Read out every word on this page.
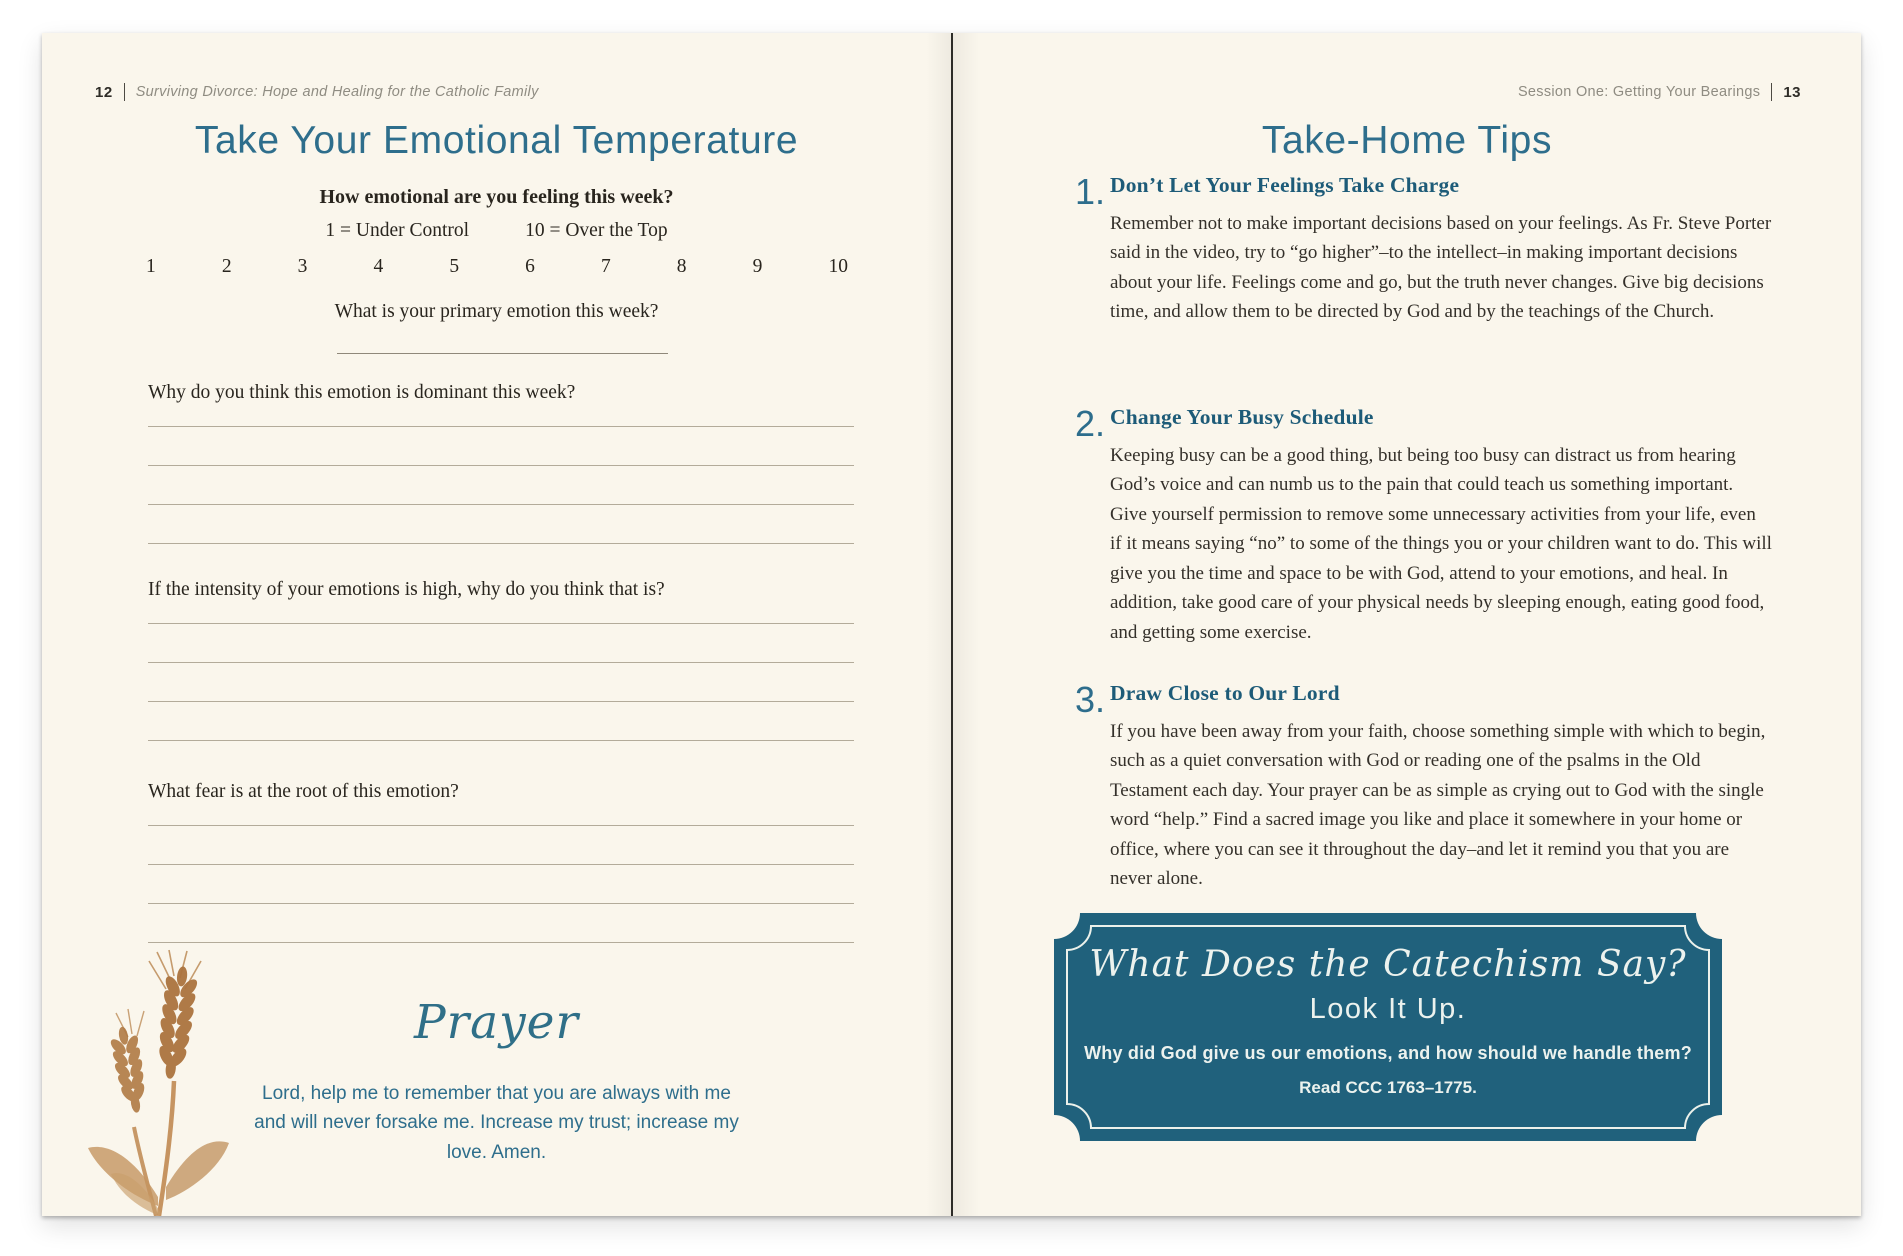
12 Surviving Divorce: Hope and Healing for the Catholic Family
Take Your Emotional Temperature
How emotional are you feeling this week?
1 = Under Control	10 = Over the Top
1	2	3	4	5	6	7	8	9	10
What is your primary emotion this week?
Why do you think this emotion is dominant this week?
If the intensity of your emotions is high, why do you think that is?
What fear is at the root of this emotion?
Prayer
Lord, help me to remember that you are always with me and will never forsake me. Increase my trust; increase my love. Amen.
Session One: Getting Your Bearings 13
Take-Home Tips
1. Don’t Let Your Feelings Take Charge
Remember not to make important decisions based on your feelings. As Fr. Steve Porter said in the video, try to “go higher”–to the intellect–in making important decisions about your life. Feelings come and go, but the truth never changes. Give big decisions time, and allow them to be directed by God and by the teachings of the Church.
2. Change Your Busy Schedule
Keeping busy can be a good thing, but being too busy can distract us from hearing God’s voice and can numb us to the pain that could teach us something important. Give yourself permission to remove some unnecessary activities from your life, even if it means saying “no” to some of the things you or your children want to do. This will give you the time and space to be with God, attend to your emotions, and heal. In addition, take good care of your physical needs by sleeping enough, eating good food, and getting some exercise.
3. Draw Close to Our Lord
If you have been away from your faith, choose something simple with which to begin, such as a quiet conversation with God or reading one of the psalms in the Old Testament each day. Your prayer can be as simple as crying out to God with the single word “help.” Find a sacred image you like and place it somewhere in your home or office, where you can see it throughout the day–and let it remind you that you are never alone.
What Does the Catechism Say?
Look It Up.
Why did God give us our emotions, and how should we handle them?
Read CCC 1763–1775.
